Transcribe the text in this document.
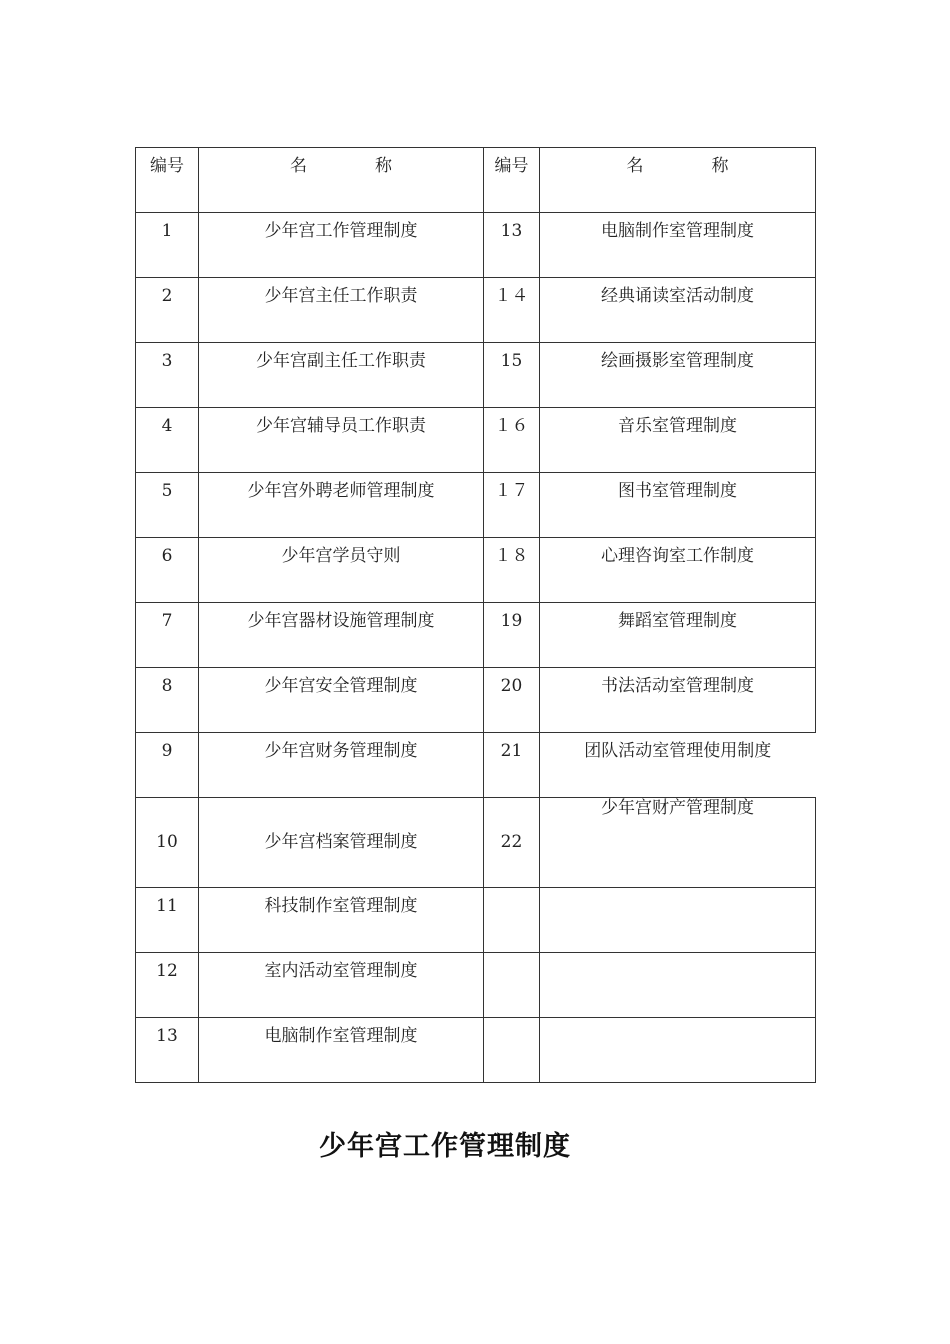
编号	名　　　　称	编号	名　　　　称
1	少年宫工作管理制度	13	电脑制作室管理制度
2	少年宫主任工作职责	１４	经典诵读室活动制度
3	少年宫副主任工作职责	15	绘画摄影室管理制度
4	少年宫辅导员工作职责	１６	音乐室管理制度
5	少年宫外聘老师管理制度	１７	图书室管理制度
6	少年宫学员守则	１８	心理咨询室工作制度
7	少年宫器材设施管理制度	19	舞蹈室管理制度
8	少年宫安全管理制度	20	书法活动室管理制度
9	少年宫财务管理制度	21	团队活动室管理使用制度
10	少年宫档案管理制度	22	少年宫财产管理制度
11	科技制作室管理制度		
12	室内活动室管理制度		
13	电脑制作室管理制度		
少年宫工作管理制度
